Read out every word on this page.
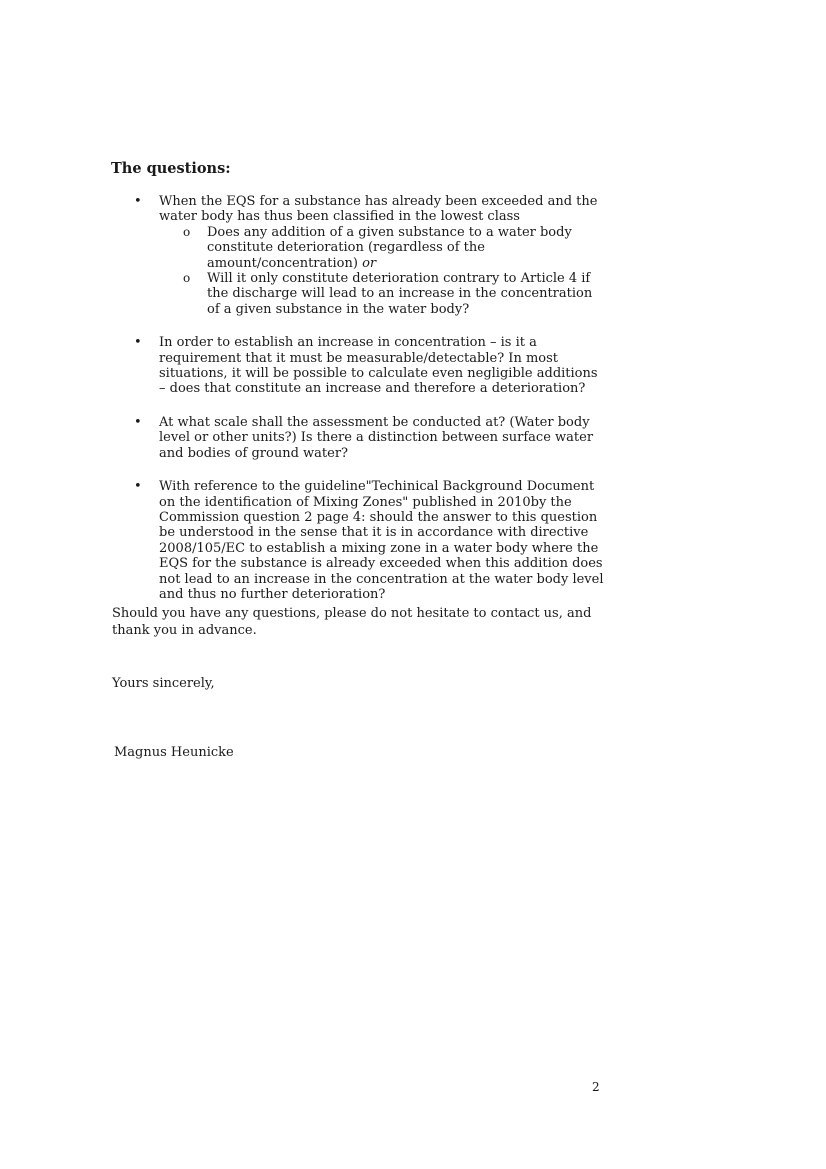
The questions:
• When the EQS for a substance has already been exceeded and the water body has thus been classified in the lowest class
o Does any addition of a given substance to a water body constitute deterioration (regardless of the amount/concentration) or
o Will it only constitute deterioration contrary to Article 4 if the discharge will lead to an increase in the concentration of a given substance in the water body?
• In order to establish an increase in concentration – is it a requirement that it must be measurable/detectable? In most situations, it will be possible to calculate even negligible additions – does that constitute an increase and therefore a deterioration?
• At what scale shall the assessment be conducted at? (Water body level or other units?) Is there a distinction between surface water and bodies of ground water?
• With reference to the guideline"Techinical Background Document on the identification of Mixing Zones" published in 2010by the Commission question 2 page 4: should the answer to this question be understood in the sense that it is in accordance with directive 2008/105/EC to establish a mixing zone in a water body where the EQS for the substance is already exceeded when this addition does not lead to an increase in the concentration at the water body level and thus no further deterioration?

Should you have any questions, please do not hesitate to contact us, and thank you in advance.

Yours sincerely,

Magnus Heunicke

2
